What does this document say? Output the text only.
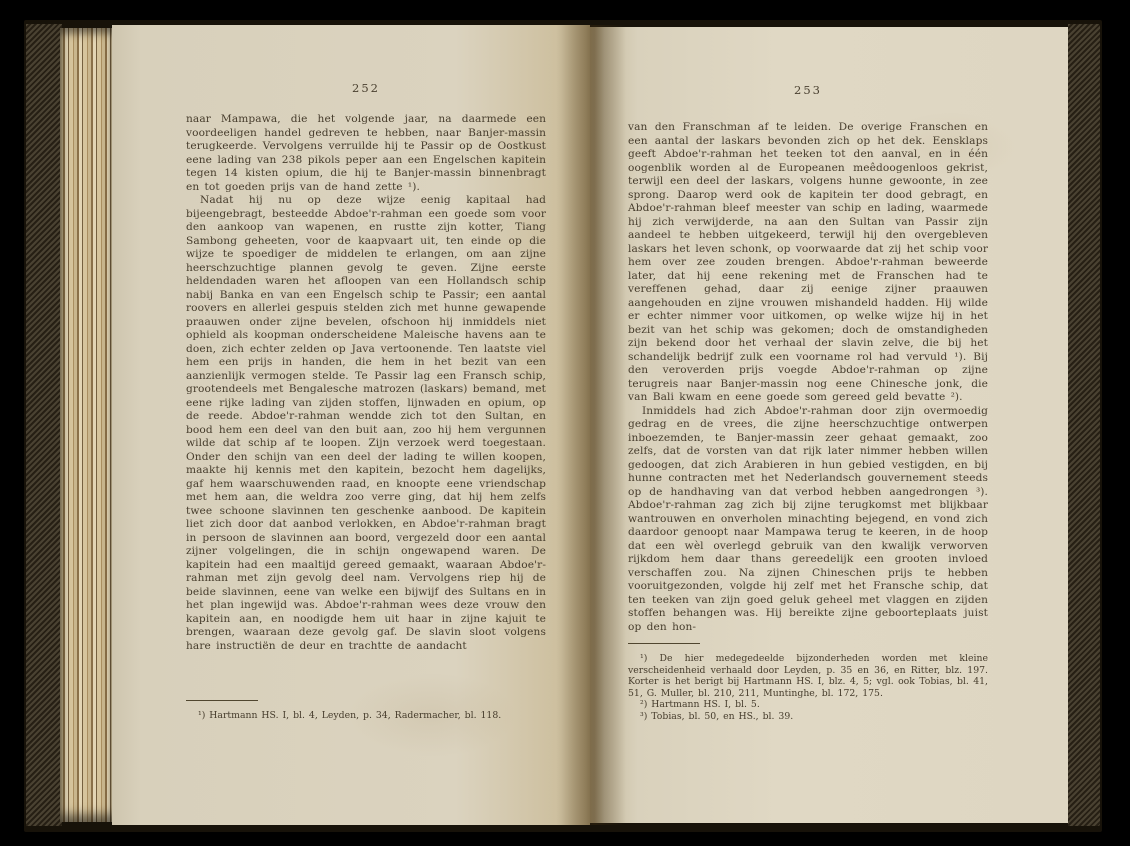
252

naar Mampawa, die het volgende jaar, na daarmede een voordeeligen handel gedreven te hebben, naar Banjer-massin terugkeerde. Vervolgens verruilde hij te Passir op de Oostkust eene lading van 238 pikols peper aan een Engelschen kapitein tegen 14 kisten opium, die hij te Banjer-massin binnenbragt en tot goeden prijs van de hand zette ¹).

Nadat hij nu op deze wijze eenig kapitaal had bijeengebragt, besteedde Abdoe'r-rahman een goede som voor den aankoop van wapenen, en rustte zijn kotter, Tiang Sambong geheeten, voor de kaapvaart uit, ten einde op die wijze te spoediger de middelen te erlangen, om aan zijne heerschzuchtige plannen gevolg te geven. Zijne eerste heldendaden waren het afloopen van een Hollandsch schip nabij Banka en van een Engelsch schip te Passir; een aantal roovers en allerlei gespuis stelden zich met hunne gewapende praauwen onder zijne bevelen, ofschoon hij inmiddels niet ophield als koopman onderscheidene Maleische havens aan te doen, zich echter zelden op Java vertoonende. Ten laatste viel hem een prijs in handen, die hem in het bezit van een aanzienlijk vermogen stelde. Te Passir lag een Fransch schip, grootendeels met Bengalesche matrozen (laskars) bemand, met eene rijke lading van zijden stoffen, lijnwaden en opium, op de reede. Abdoe'r-rahman wendde zich tot den Sultan, en bood hem een deel van den buit aan, zoo hij hem vergunnen wilde dat schip af te loopen. Zijn verzoek werd toegestaan. Onder den schijn van een deel der lading te willen koopen, maakte hij kennis met den kapitein, bezocht hem dagelijks, gaf hem waarschuwenden raad, en knoopte eene vriendschap met hem aan, die weldra zoo verre ging, dat hij hem zelfs twee schoone slavinnen ten geschenke aanbood. De kapitein liet zich door dat aanbod verlokken, en Abdoe'r-rahman bragt in persoon de slavinnen aan boord, vergezeld door een aantal zijner volgelingen, die in schijn ongewapend waren. De kapitein had een maaltijd gereed gemaakt, waaraan Abdoe'r-rahman met zijn gevolg deel nam. Vervolgens riep hij de beide slavinnen, eene van welke een bijwijf des Sultans en in het plan ingewijd was. Abdoe'r-rahman wees deze vrouw den kapitein aan, en noodigde hem uit haar in zijne kajuit te brengen, waaraan deze gevolg gaf. De slavin sloot volgens hare instructiën de deur en trachtte de aandacht

¹) Hartmann HS. I, bl. 4, Leyden, p. 34, Radermacher, bl. 118.

253

van den Franschman af te leiden. De overige Franschen en een aantal der laskars bevonden zich op het dek. Eensklaps geeft Abdoe'r-rahman het teeken tot den aanval, en in één oogenblik worden al de Europeanen meêdoogenloos gekrist, terwijl een deel der laskars, volgens hunne gewoonte, in zee sprong. Daarop werd ook de kapitein ter dood gebragt, en Abdoe'r-rahman bleef meester van schip en lading, waarmede hij zich verwijderde, na aan den Sultan van Passir zijn aandeel te hebben uitgekeerd, terwijl hij den overgebleven laskars het leven schonk, op voorwaarde dat zij het schip voor hem over zee zouden brengen. Abdoe'r-rahman beweerde later, dat hij eene rekening met de Franschen had te vereffenen gehad, daar zij eenige zijner praauwen aangehouden en zijne vrouwen mishandeld hadden. Hij wilde er echter nimmer voor uitkomen, op welke wijze hij in het bezit van het schip was gekomen; doch de omstandigheden zijn bekend door het verhaal der slavin zelve, die bij het schandelijk bedrijf zulk een voorname rol had vervuld ¹). Bij den veroverden prijs voegde Abdoe'r-rahman op zijne terugreis naar Banjer-massin nog eene Chinesche jonk, die van Bali kwam en eene goede som gereed geld bevatte ²).

Inmiddels had zich Abdoe'r-rahman door zijn overmoedig gedrag en de vrees, die zijne heerschzuchtige ontwerpen inboezemden, te Banjer-massin zeer gehaat gemaakt, zoo zelfs, dat de vorsten van dat rijk later nimmer hebben willen gedoogen, dat zich Arabieren in hun gebied vestigden, en bij hunne contracten met het Nederlandsch gouvernement steeds op de handhaving van dat verbod hebben aangedrongen ³). Abdoe'r-rahman zag zich bij zijne terugkomst met blijkbaar wantrouwen en onverholen minachting bejegend, en vond zich daardoor genoopt naar Mampawa terug te keeren, in de hoop dat een wèl overlegd gebruik van den kwalijk verworven rijkdom hem daar thans gereedelijk een grooten invloed verschaffen zou. Na zijnen Chineschen prijs te hebben vooruitgezonden, volgde hij zelf met het Fransche schip, dat ten teeken van zijn goed geluk geheel met vlaggen en zijden stoffen behangen was. Hij bereikte zijne geboorteplaats juist op den hon-

¹) De hier medegedeelde bijzonderheden worden met kleine verscheidenheid verhaald door Leyden, p. 35 en 36, en Ritter, blz. 197. Korter is het berigt bij Hartmann HS. I, blz. 4, 5; vgl. ook Tobias, bl. 41, 51, G. Muller, bl. 210, 211, Muntinghe, bl. 172, 175.

²) Hartmann HS. I, bl. 5.

³) Tobias, bl. 50, en HS., bl. 39.
